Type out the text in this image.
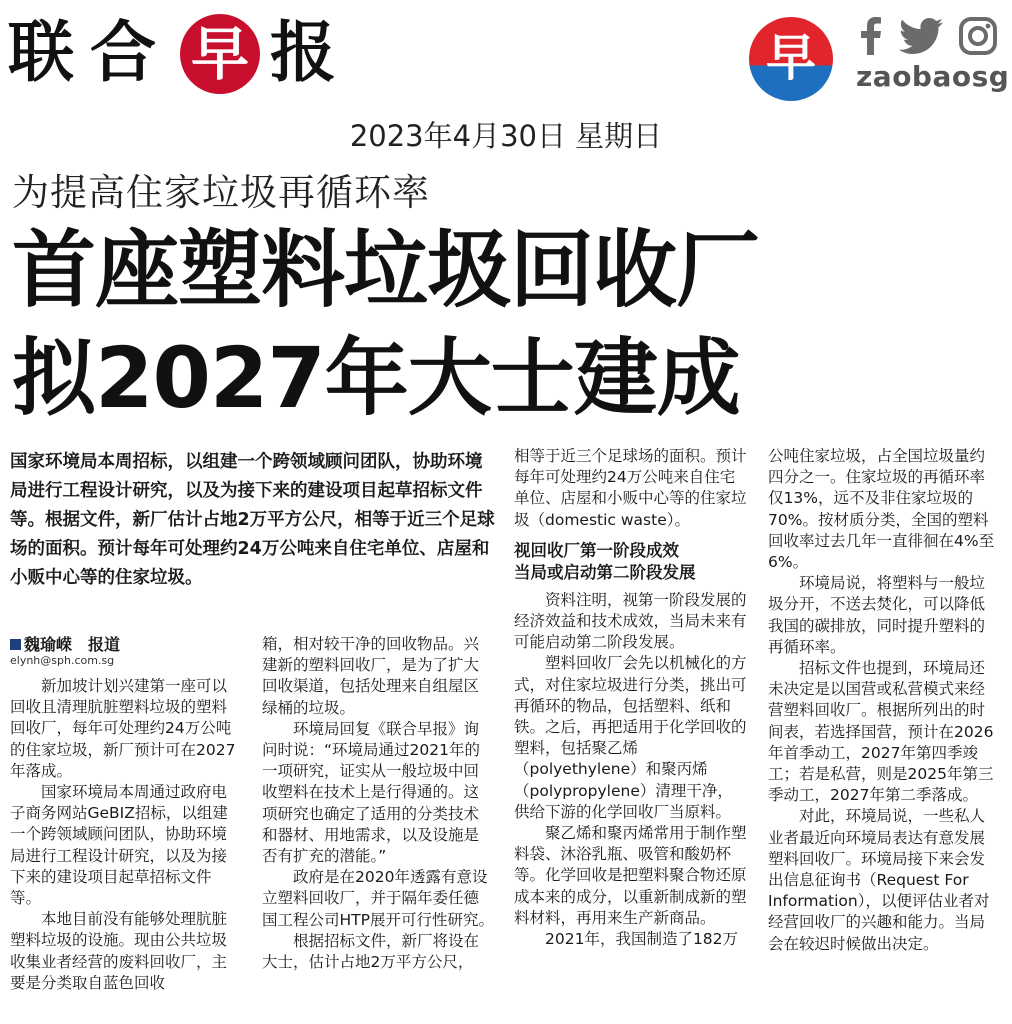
联 合 早 报	早	zaobaosg
2023年4月30日 星期日
为提高住家垃圾再循环率
首座塑料垃圾回收厂
拟2027年大士建成
国家环境局本周招标，以组建一个跨领域顾问团队，协助环境局进行工程设计研究，以及为接下来的建设项目起草招标文件等。根据文件，新厂估计占地2万平方公尺，相等于近三个足球场的面积。预计每年可处理约24万公吨来自住宅单位、店屋和小贩中心等的住家垃圾。
魏瑜嵘　报道
elynh@sph.com.sg

新加坡计划兴建第一座可以回收且清理肮脏塑料垃圾的塑料回收厂，每年可处理约24万公吨的住家垃圾，新厂预计可在2027年落成。

国家环境局本周通过政府电子商务网站GeBIZ招标，以组建一个跨领域顾问团队，协助环境局进行工程设计研究，以及为接下来的建设项目起草招标文件等。

本地目前没有能够处理肮脏塑料垃圾的设施。现由公共垃圾收集业者经营的废料回收厂，主要是分类取自蓝色回收

箱，相对较干净的回收物品。兴建新的塑料回收厂，是为了扩大回收渠道，包括处理来自组屋区绿桶的垃圾。

环境局回复《联合早报》询问时说：“环境局通过2021年的一项研究，证实从一般垃圾中回收塑料在技术上是行得通的。这项研究也确定了适用的分类技术和器材、用地需求，以及设施是否有扩充的潜能。”

政府是在2020年透露有意设立塑料回收厂，并于隔年委任德国工程公司HTP展开可行性研究。

根据招标文件，新厂将设在大士，估计占地2万平方公尺，

相等于近三个足球场的面积。预计每年可处理约24万公吨来自住宅单位、店屋和小贩中心等的住家垃圾（domestic waste）。

视回收厂第一阶段成效
当局或启动第二阶段发展

资料注明，视第一阶段发展的经济效益和技术成效，当局未来有可能启动第二阶段发展。

塑料回收厂会先以机械化的方式，对住家垃圾进行分类，挑出可再循环的物品，包括塑料、纸和铁。之后，再把适用于化学回收的塑料，包括聚乙烯（polyethylene）和聚丙烯（polypropylene）清理干净，供给下游的化学回收厂当原料。

聚乙烯和聚丙烯常用于制作塑料袋、沐浴乳瓶、吸管和酸奶杯等。化学回收是把塑料聚合物还原成本来的成分，以重新制成新的塑料材料，再用来生产新商品。

2021年，我国制造了182万

公吨住家垃圾，占全国垃圾量约四分之一。住家垃圾的再循环率仅13%，远不及非住家垃圾的70%。按材质分类，全国的塑料回收率过去几年一直徘徊在4%至6%。

环境局说，将塑料与一般垃圾分开，不送去焚化，可以降低我国的碳排放，同时提升塑料的再循环率。

招标文件也提到，环境局还未决定是以国营或私营模式来经营塑料回收厂。根据所列出的时间表，若选择国营，预计在2026年首季动工，2027年第四季竣工；若是私营，则是2025年第三季动工，2027年第二季落成。

对此，环境局说，一些私人业者最近向环境局表达有意发展塑料回收厂。环境局接下来会发出信息征询书（Request For Information），以便评估业者对经营回收厂的兴趣和能力。当局会在较迟时候做出决定。
